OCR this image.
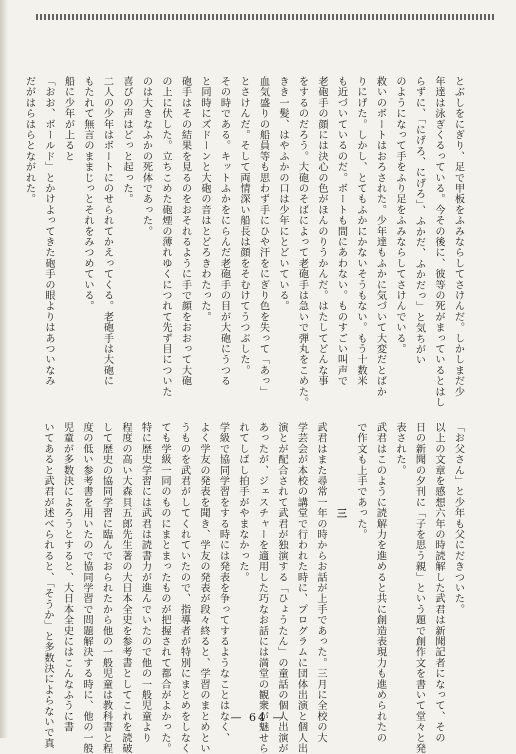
とぶしをにぎり、足で甲板をふみならしてさけんだ。しかしまだ少
年達は泳ぎくるっている。今その後に、彼等の死がまっているとはし
らずに、「にげろ、にげろ」、ふかだ、ふかだっ」と気ちがい
のようになって手をふり足をふみならしてさけんでいる。
救いのボートはおろされた。少年達もふかに気づいて大変だとばか
りにげた。しかし、とてもふかにかないそうもない。もう十数米
も近づいているのだ。ボートも間にあわない。ものすごい叫声で
老砲手の顔には決心の色がほんのりうかんだ。はたしてどんな事
をするのだろう。大砲のそばによって老砲手は急いで弾丸をこめた。
きき一髪、はやふかの口は少年にとどいている。
血気盛りの船員等も思わず手にひや汗をにぎり色を失って「あっ」
とさけんだ。そして両情深い船長は顔をそむけてうつぶした。
その時である。キットふかをにらんだ老砲手の目が大砲にうつる
と同時にズドーンと大砲の音はとどろきわたった。
砲手はその結果を見るのをおそれるように手で顔をおおって大砲
の上に伏した。立ちこめた砲煙の薄れゆくにつれて先ず目についた
のは大きなふかの死体であった。
喜びの声はどっと起った。
二人の少年はボートにのせられてかえってくる。老砲手は大砲に
もたれて無言のままじっとそれをみつめている。
船に少年が上ると
「おお、ボールド」とかけよってきた砲手の眼よりはあついなみ
だがはらはらとながれた。

「お父さん」と少年も父にだきついた。
以上の文章を感想六年の時読解した武君は新聞記者になって、その
日の新聞の夕刊に「子を思う親」という題で創作文を書いて堂々と発
表された。
武君はこのように読解力を進めると共に創造表現力も進められたの
で作文も上手であった。
三
武君はまた尋常一年の時からお話が上手であった。三月に全校の大
学芸会が本校の講堂で行われた時に、プログラムに団体出演と個人出
演とが配合されて武君が独演する「ひょうたん」の童話の個人出演が
あったが、ジェスチャーを適用した巧なお話には満堂の観衆が魅せら
れてしばし拍手がやまなかった。
学級で協同学習をする時には発表を争ってするようなことはなく、
よく学友の発表を聞き、学友の発表が段々終ると、学習のまとめとい
うものを武君がしてくれていたので、指導者が特別にまとめをしなく
ても学級一同のものにまとまったものが把握されて都合がよかった。
特に歴史学習には武君は読書力が進んでいたので他の一般児童より
程度の高い大森貝五郎先生著の大日本全史を参考書としてこれを読破
して歴史の協同学習に臨んでおられたから他の一般児童は教科書と程
度の低い参考書を用いたので協同学習で問題解決する時に、他の一般
児童が多数決によろうとすると、大日本全史にはこんなふうに書
いてあると武君が述べられると、「そうか」と多数決によらないで真
	— 64 —
